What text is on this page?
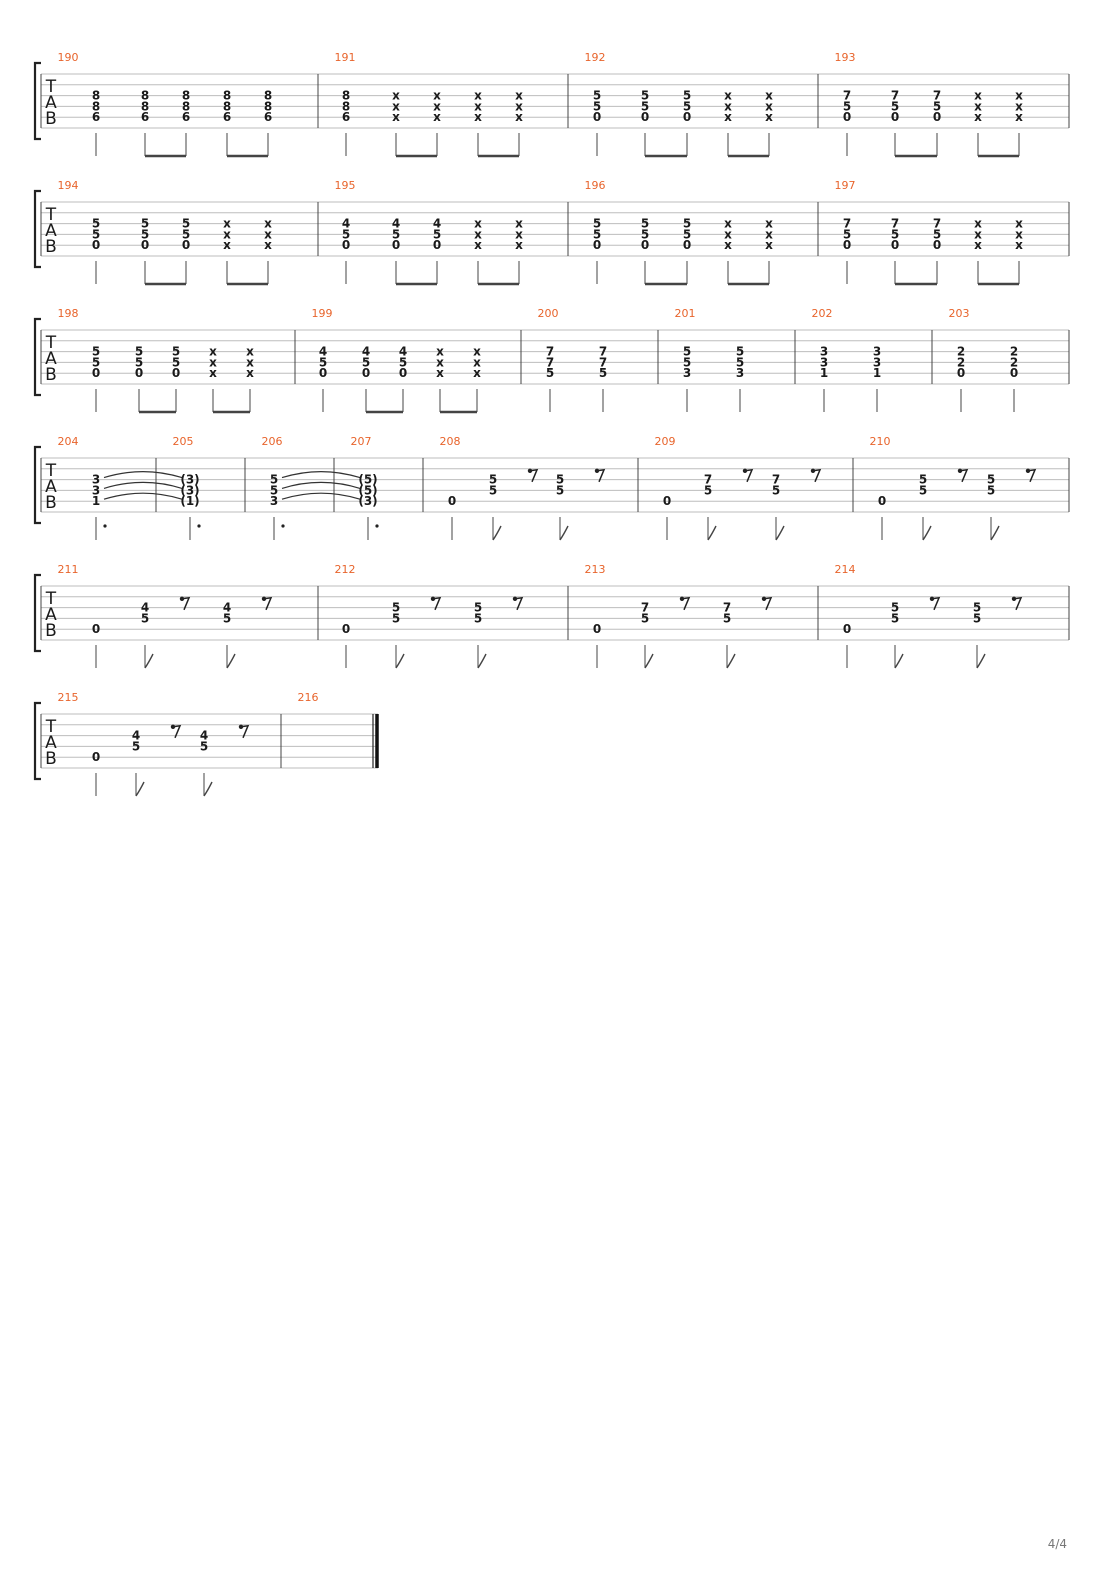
T
A
B
190
8
8
6
8
8
6
8
8
6
8
8
6
8
8
6
191
8
8
6
x
x
x
x
x
x
x
x
x
x
x
x
192
5
5
0
5
5
0
5
5
0
x
x
x
x
x
x
193
7
5
0
7
5
0
7
5
0
x
x
x
x
x
x
T
A
B
194
5
5
0
5
5
0
5
5
0
x
x
x
x
x
x
195
4
5
0
4
5
0
4
5
0
x
x
x
x
x
x
196
5
5
0
5
5
0
5
5
0
x
x
x
x
x
x
197
7
5
0
7
5
0
7
5
0
x
x
x
x
x
x
T
A
B
198
5
5
0
5
5
0
5
5
0
x
x
x
x
x
x
199
4
5
0
4
5
0
4
5
0
x
x
x
x
x
x
200
7
7
5
7
7
5
201
5
5
3
5
5
3
202
3
3
1
3
3
1
203
2
2
0
2
2
0
T
A
B
204
3
3
1
205
(3)
(3)
(1)
206
5
5
3
207
(5)
(5)
(3)
208
0
5
5
5
5
209
0
7
5
7
5
210
0
5
5
5
5
T
A
B
211
0
4
5
4
5
212
0
5
5
5
5
213
0
7
5
7
5
214
0
5
5
5
5
T
A
B
215
0
4
5
4
5
216
4/4
